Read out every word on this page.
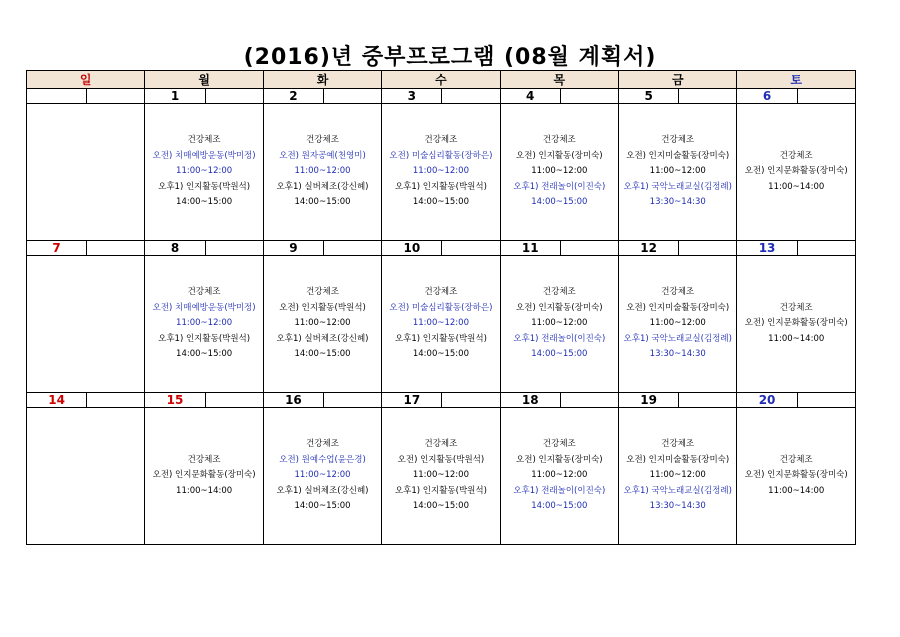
(2016)년 중부프로그램 (08월 계획서)
일		월		화		수		목		금		토	
		1		2		3		4		5		6	

		건강체조
오전) 치매예방운동(박미정)
11:00~12:00
오후1) 인지활동(박원석)
14:00~15:00		건강체조
오전) 원자공예(천영미)
11:00~12:00
오후1) 실버체조(강신혜)
14:00~15:00		건강체조
오전) 미술심리활동(장하은)
11:00~12:00
오후1) 인지활동(박원석)
14:00~15:00		건강체조
오전) 인지활동(장미숙)
11:00~12:00
오후1) 전래놀이(이진숙)
14:00~15:00		건강체조
오전) 인지미술활동(장미숙)
11:00~12:00
오후1) 국악노래교실(김정례)
13:30~14:30		건강체조
오전) 인지문화활동(장미숙)
11:00~14:00	

7		8		9		10		11		12		13	

		건강체조
오전) 치매예방운동(박미정)
11:00~12:00
오후1) 인지활동(박원석)
14:00~15:00		건강체조
오전) 인지활동(박원석)
11:00~12:00
오후1) 실버체조(강신혜)
14:00~15:00		건강체조
오전) 미술심리활동(장하은)
11:00~12:00
오후1) 인지활동(박원석)
14:00~15:00		건강체조
오전) 인지활동(장미숙)
11:00~12:00
오후1) 전래놀이(이진숙)
14:00~15:00		건강체조
오전) 인지미술활동(장미숙)
11:00~12:00
오후1) 국악노래교실(김정례)
13:30~14:30		건강체조
오전) 인지문화활동(장미숙)
11:00~14:00	

14		15		16		17		18		19		20	

		건강체조
오전) 인지문화활동(장미숙)
11:00~14:00		건강체조
오전) 원예수업(윤은경)
11:00~12:00
오후1) 실버체조(강신혜)
14:00~15:00		건강체조
오전) 인지활동(박원석)
11:00~12:00
오후1) 인지활동(박원석)
14:00~15:00		건강체조
오전) 인지활동(장미숙)
11:00~12:00
오후1) 전래놀이(이진숙)
14:00~15:00		건강체조
오전) 인지미술활동(장미숙)
11:00~12:00
오후1) 국악노래교실(김정례)
13:30~14:30		건강체조
오전) 인지문화활동(장미숙)
11:00~14:00	
